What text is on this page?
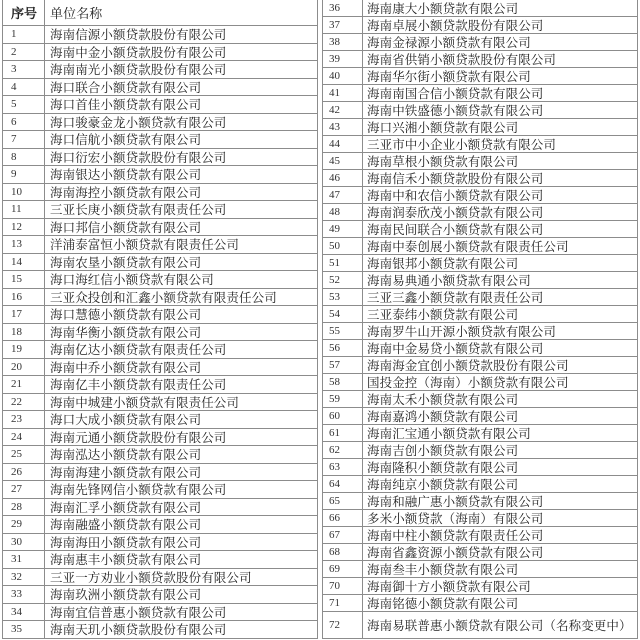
序号 单位名称
1	海南信源小额贷款股份有限公司
2	海南中金小额贷款股份有限公司
3	海南南光小额贷款股份有限公司
4	海口联合小额贷款有限公司
5	海口首佳小额贷款有限公司
6	海口骏豪金龙小额贷款有限公司
7	海口信航小额贷款有限公司
8	海口衍宏小额贷款股份有限公司
9	海南银达小额贷款有限公司
10	海南海控小额贷款有限公司
11	三亚长庚小额贷款有限责任公司
12	海口邦信小额贷款有限公司
13	洋浦泰富恒小额贷款有限责任公司
14	海南农垦小额贷款有限公司
15	海口海红信小额贷款有限公司
16	三亚众投创和汇鑫小额贷款有限责任公司
17	海口慧德小额贷款有限公司
18	海南华衡小额贷款有限公司
19	海南亿达小额贷款有限责任公司
20	海南中乔小额贷款有限公司
21	海南亿丰小额贷款有限责任公司
22	海南中城建小额贷款有限责任公司
23	海口大成小额贷款有限公司
24	海南元通小额贷款股份有限公司
25	海南泓达小额贷款有限公司
26	海南海建小额贷款有限公司
27	海南先锋网信小额贷款有限公司
28	海南汇孚小额贷款有限公司
29	海南融盛小额贷款有限公司
30	海南海田小额贷款有限公司
31	海南惠丰小额贷款有限公司
32	三亚一方劝业小额贷款股份有限公司
33	海南玖洲小额贷款有限公司
34	海南宜信普惠小额贷款有限公司
35	海南天玑小额贷款股份有限公司
36	海南康大小额贷款有限公司
37	海南卓展小额贷款股份有限公司
38	海南金禄源小额贷款有限公司
39	海南省供销小额贷款股份有限公司
40	海南华尔街小额贷款有限公司
41	海南南国合信小额贷款有限公司
42	海南中铁盛德小额贷款有限公司
43	海口兴湘小额贷款有限公司
44	三亚市中小企业小额贷款有限公司
45	海南草根小额贷款有限公司
46	海南信禾小额贷款股份有限公司
47	海南中和农信小额贷款有限公司
48	海南润泰欣茂小额贷款有限公司
49	海南民间联合小额贷款有限公司
50	海南中泰创展小额贷款有限责任公司
51	海南银邦小额贷款有限公司
52	海南易典通小额贷款有限公司
53	三亚三鑫小额贷款有限责任公司
54	三亚泰纬小额贷款有限公司
55	海南罗牛山开源小额贷款有限公司
56	海南中金易贷小额贷款有限公司
57	海南海金宜创小额贷款股份有限公司
58	国投金控（海南）小额贷款有限公司
59	海南太禾小额贷款有限公司
60	海南嘉鸿小额贷款有限公司
61	海南汇宝通小额贷款有限公司
62	海南吉创小额贷款有限公司
63	海南隆积小额贷款有限公司
64	海南纯京小额贷款有限公司
65	海南和融广惠小额贷款有限公司
66	多米小额贷款（海南）有限公司
67	海南中柱小额贷款有限责任公司
68	海南省鑫资源小额贷款有限公司
69	海南叁丰小额贷款有限公司
70	海南御十方小额贷款有限公司
71	海南铭德小额贷款有限公司
72	海南易联普惠小额贷款有限公司（名称变更中）
